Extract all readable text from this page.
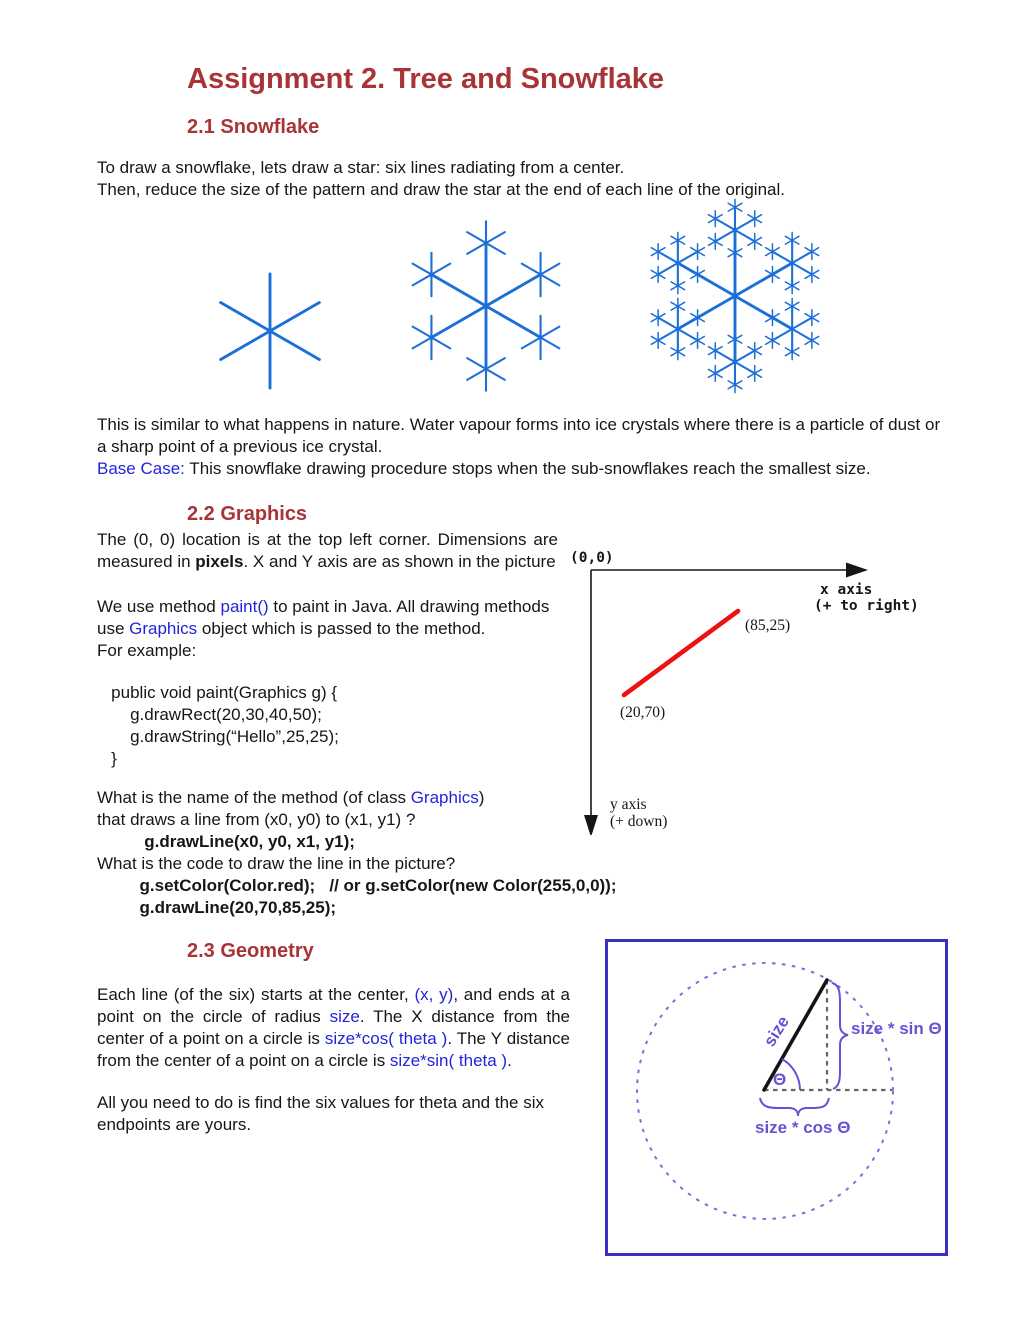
Assignment 2. Tree and Snowflake
2.1 Snowflake

To draw a snowflake, lets draw a star: six lines radiating from a center.
Then, reduce the size of the pattern and draw the star at the end of each line of the original.

This is similar to what happens in nature. Water vapour forms into ice crystals where there is a particle of dust or a sharp point of a previous ice crystal.
Base Case: This snowflake drawing procedure stops when the sub-snowflakes reach the smallest size.

2.2 Graphics
(0,0)
x axis
(+ to right)
(85,25)
(20,70)
y axis
(+ down)

The (0, 0) location is at the top left corner. Dimensions are measured in pixels. X and Y axis are as shown in the picture

We use method paint() to paint in Java. All drawing methods use Graphics object which is passed to the method.
For example:

public void paint(Graphics g) {
g.drawRect(20,30,40,50);
g.drawString(“Hello”,25,25);
}
What is the name of the method (of class Graphics)
that draws a line from (x0, y0) to (x1, y1) ?
g.drawLine(x0, y0, x1, y1);
What is the code to draw the line in the picture?
g.setColor(Color.red);   // or g.setColor(new Color(255,0,0));
g.drawLine(20,70,85,25);
Θ
size	size * sin Θ
size * cos Θ
2.3 Geometry

Each line (of the six) starts at the center, (x, y), and ends at a point on the circle of radius size. The X distance from the center of a point on a circle is size*cos( theta ). The Y distance from the center of a point on a circle is size*sin( theta ).

All you need to do is find the six values for theta and the six endpoints are yours.
